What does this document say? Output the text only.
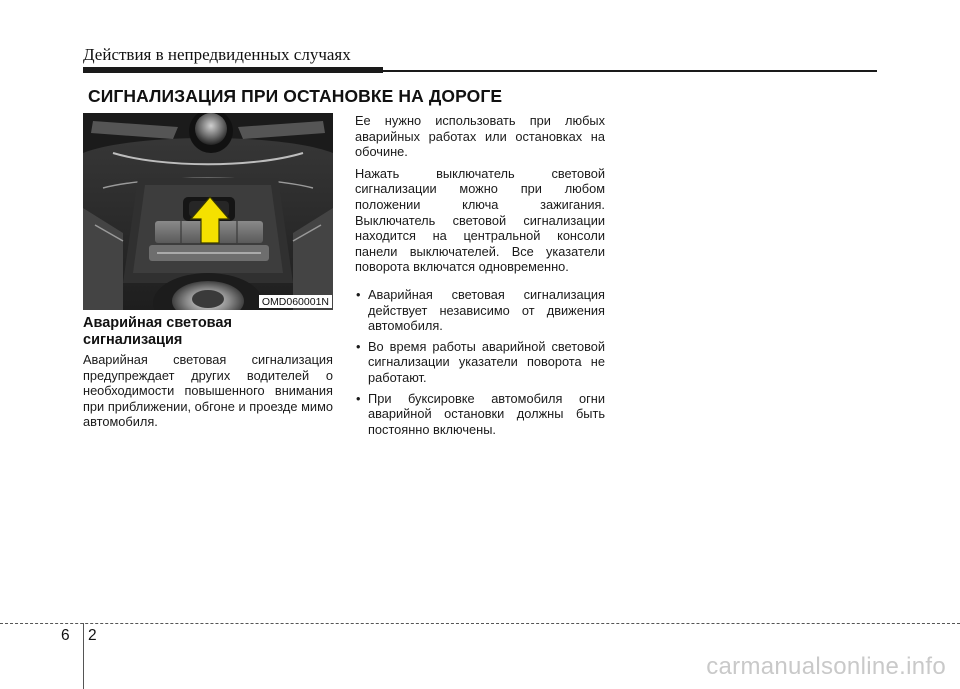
Действия в непредвиденных случаях
СИГНАЛИЗАЦИЯ ПРИ ОСТАНОВКЕ НА ДОРОГЕ
OMD060001N
Аварийная световая сигнализация

Аварийная световая сигнализация предупреждает других водителей о необходимости повышенного внимания при приближении, обгоне и проезде мимо автомобиля.

Ее нужно использовать при любых аварийных работах или остановках на обочине.

Нажать выключатель световой сигнализации можно при любом положении ключа зажигания. Выключатель световой сигнализации находится на центральной консоли панели выключателей. Все указатели поворота включатся одновременно.

• Аварийная световая сигнализация действует независимо от движения автомобиля.
• Во время работы аварийной световой сигнализации указатели поворота не работают.
• При буксировке автомобиля огни аварийной остановки должны быть постоянно включены.
6 2
carmanualsonline.info
